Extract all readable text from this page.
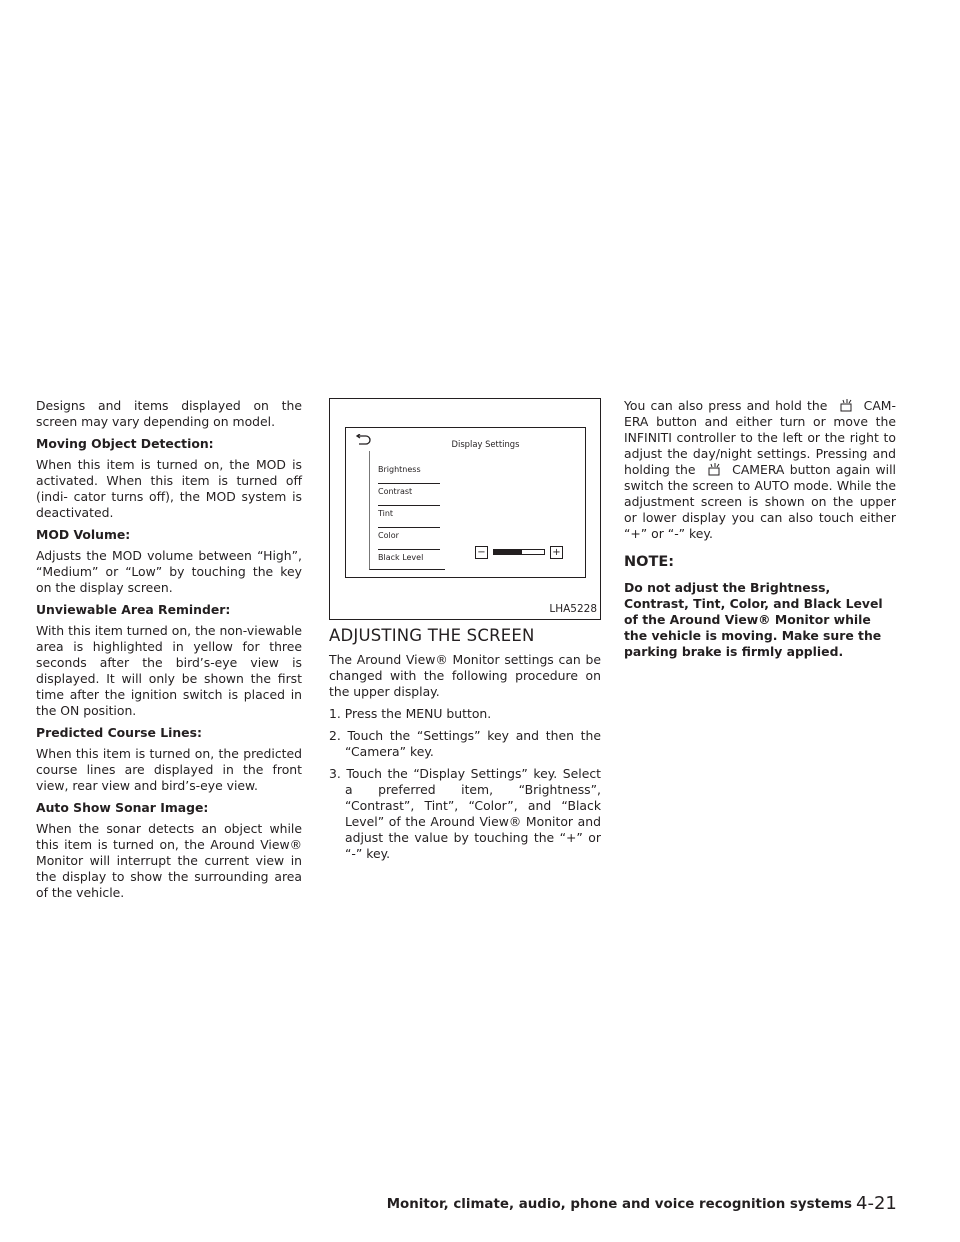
Designs and items displayed on the screen may vary depending on model.

Moving Object Detection:

When this item is turned on, the MOD is activated. When this item is turned off (indi- cator turns off), the MOD system is deactivated.

MOD Volume:

Adjusts the MOD volume between “High”, “Medium” or “Low” by touching the key on the display screen.

Unviewable Area Reminder:

With this item turned on, the non-viewable area is highlighted in yellow for three seconds after the bird’s-eye view is displayed. It will only be shown the first time after the ignition switch is placed in the ON position.

Predicted Course Lines:

When this item is turned on, the predicted course lines are displayed in the front view, rear view and bird’s-eye view.

Auto Show Sonar Image:

When the sonar detects an object while this item is turned on, the Around View® Monitor will interrupt the current view in the display to show the surrounding area of the vehicle.

Display Settings
Brightness
Contrast
Tint
Color
Black Level	−	+
LHA5228
ADJUSTING THE SCREEN

The Around View® Monitor settings can be changed with the following procedure on the upper display.

1. Press the MENU button.
2. Touch the “Settings” key and then the “Camera” key.
3. Touch the “Display Settings” key. Select a preferred item, “Brightness”, “Contrast”, Tint”, “Color”, and “Black Level” of the Around View® Monitor and adjust the value by touching the “+” or “-” key.

You can also press and hold the	CAM- ERA button and either turn or move the INFINITI controller to the left or the right to adjust the day/night settings. Pressing and holding the	CAMERA button again will switch the screen to AUTO mode. While the adjustment screen is shown on the upper or lower display you can also touch either “+” or “-” key.

NOTE:

Do not adjust the Brightness, Contrast, Tint, Color, and Black Level of the Around View® Monitor while the vehicle is moving. Make sure the parking brake is firmly applied.

Monitor, climate, audio, phone and voice recognition systems 4-21
